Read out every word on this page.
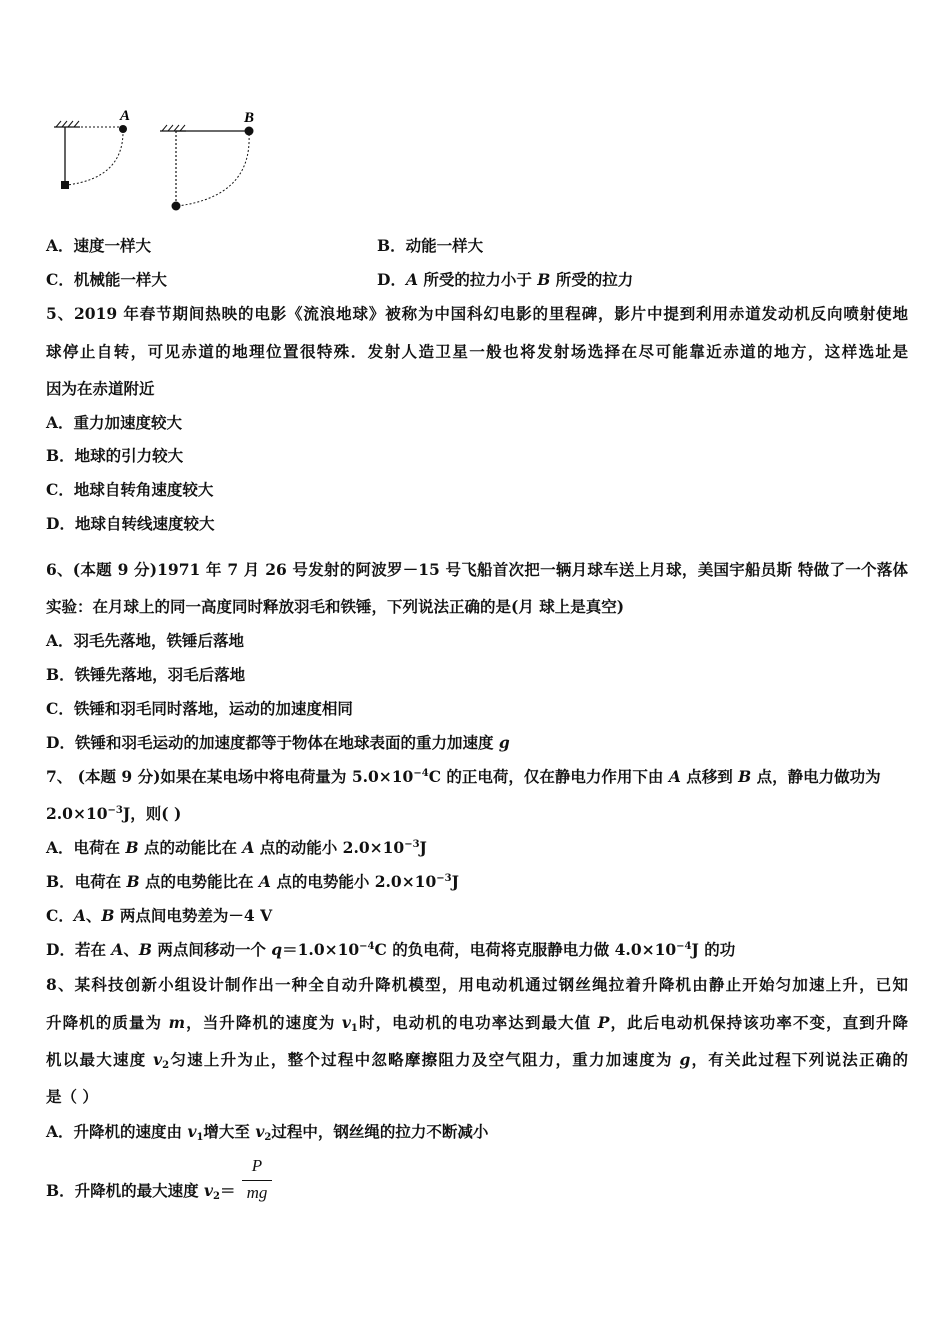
A	B
A．速度一样大	B．动能一样大
C．机械能一样大	D．A 所受的拉力小于 B 所受的拉力
5、2019 年春节期间热映的电影《流浪地球》被称为中国科幻电影的里程碑，影片中提到利用赤道发动机反向喷射使地
球停止自转，可见赤道的地理位置很特殊．发射人造卫星一般也将发射场选择在尽可能靠近赤道的地方，这样选址是
因为在赤道附近
A．重力加速度较大
B．地球的引力较大
C．地球自转角速度较大
D．地球自转线速度较大
6、(本题 9 分)1971 年 7 月 26 号发射的阿波罗－15 号飞船首次把一辆月球车送上月球，美国宇船员斯 特做了一个落体
实验：在月球上的同一高度同时释放羽毛和铁锤，下列说法正确的是(月 球上是真空)
A．羽毛先落地，铁锤后落地
B．铁锤先落地，羽毛后落地
C．铁锤和羽毛同时落地，运动的加速度相同
D．铁锤和羽毛运动的加速度都等于物体在地球表面的重力加速度 g
7、 (本题 9 分)如果在某电场中将电荷量为 $5.0\times 10^{-4}C$ 的正电荷，仅在静电力作用下由 A 点移到 B 点，静电力做功为
$2.0\times 10^{-3}J$，则( )
A．电荷在 B 点的动能比在 A 点的动能小 $2.0\times 10^{-3}J$
B．电荷在 B 点的电势能比在 A 点的电势能小 $2.0\times 10^{-3}J$
C．A、B 两点间电势差为－4 V
D．若在 A、B 两点间移动一个 $q=1.0\times 10^{-4}C$ 的负电荷，电荷将克服静电力做 $4.0\times 10^{-4}J$ 的功
8、某科技创新小组设计制作出一种全自动升降机模型，用电动机通过钢丝绳拉着升降机由静止开始匀加速上升，已知
升降机的质量为 m，当升降机的速度为 $v_1$时，电动机的电功率达到最大值 P，此后电动机保持该功率不变，直到升降
机以最大速度 $v_2$匀速上升为止，整个过程中忽略摩擦阻力及空气阻力，重力加速度为 g，有关此过程下列说法正确的
是（ ）
A．升降机的速度由 $v_1$增大至 $v_2$过程中，钢丝绳的拉力不断减小
B．升降机的最大速度 $v_2=$
P
mg
